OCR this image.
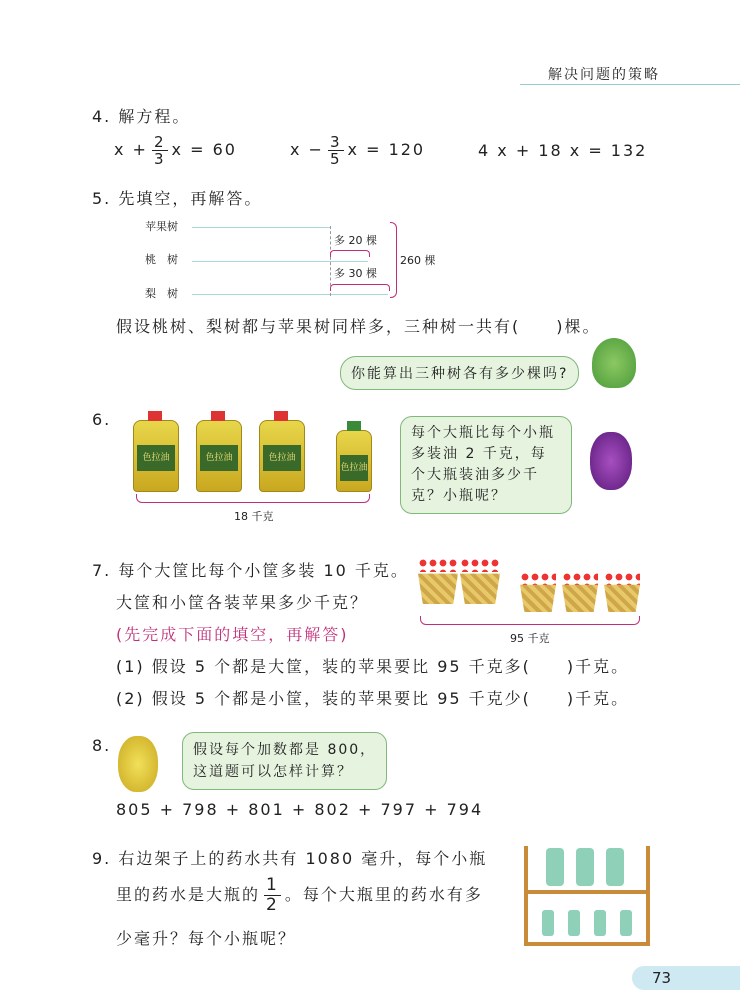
解决问题的策略
4. 解方程。
$x + \frac{2}{3}$ x = 60	$x - \frac{3}{5}$ x = 120	4 x + 18 x = 132
5. 先填空，再解答。
苹果树
桃　树
梨　树
多 20 棵
多 30 棵
260 棵
假设桃树、梨树都与苹果树同样多，三种树一共有( )棵。
你能算出三种树各有多少棵吗?
6.
色拉油	色拉油	色拉油
色拉油
18 千克
每个大瓶比每个小瓶多装油 2 千克，每个大瓶装油多少千克？小瓶呢？
7. 每个大筐比每个小筐多装 10 千克。
大筐和小筐各装苹果多少千克？
(先完成下面的填空，再解答)	95 千克
(1) 假设 5 个都是大筐，装的苹果要比 95 千克多( )千克。
(2) 假设 5 个都是小筐，装的苹果要比 95 千克少( )千克。
8.	假设每个加数都是 800，
这道题可以怎样计算？
805 + 798 + 801 + 802 + 797 + 794
9. 右边架子上的药水共有 1080 毫升，每个小瓶
里的药水是大瓶的 $\frac{1}{2}$ 。每个大瓶里的药水有多
少毫升？每个小瓶呢？
73
